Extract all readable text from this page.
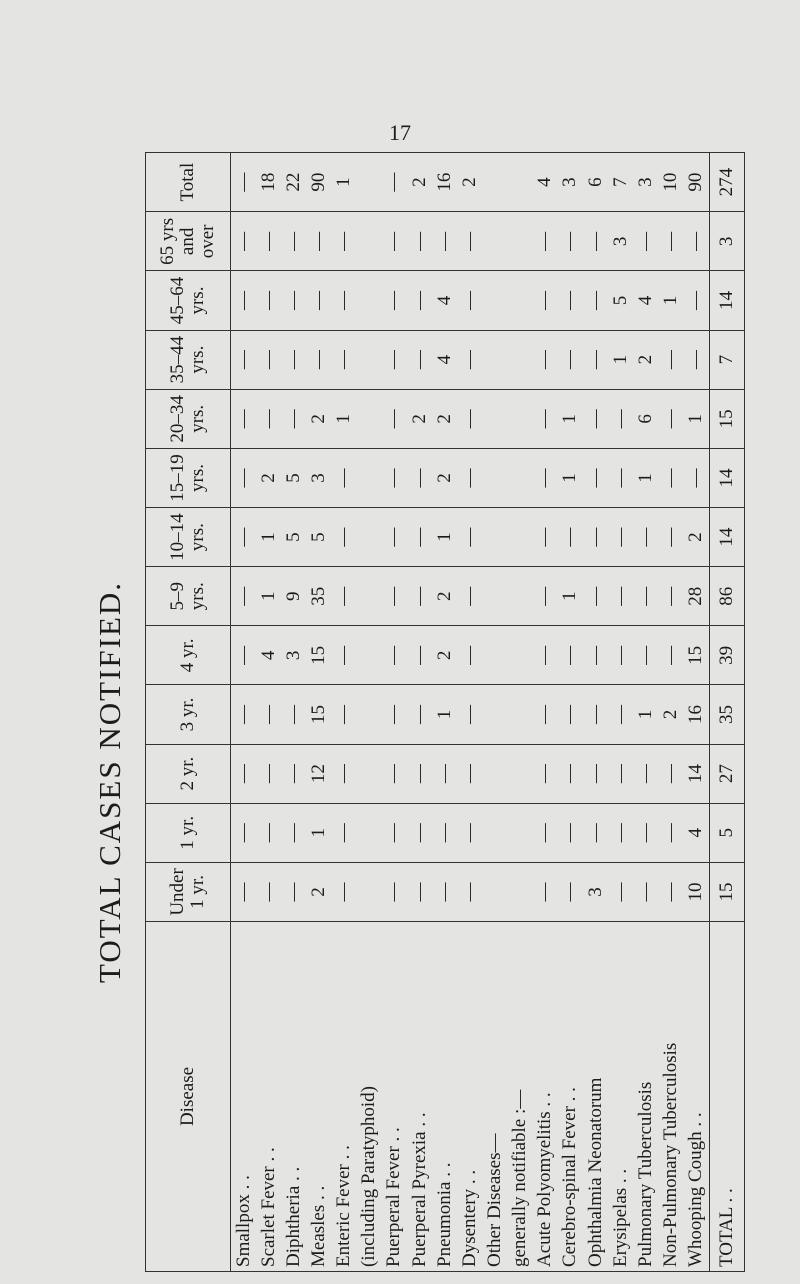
17
TOTAL CASES NOTIFIED.
Disease	Under 1 yr.	1 yr.	2 yr.	3 yr.	4 yr.	5–9 yrs.	10–14 yrs.	15–19 yrs.	20–34 yrs.	35–44 yrs.	45–64 yrs.	65 yrs and over	Total
Smallpox . .	—	—	—	—	—	—	—	—	—	—	—	—	—
Scarlet Fever . .	—	—	—	—	4	1	1	2	—	—	—	—	18
Diphtheria . .	—	—	—	—	3	9	5	5	—	—	—	—	22
Measles . .	2	1	12	15	15	35	5	3	2	—	—	—	90
Enteric Fever . .	—	—	—	—	—	—	—	—	1	—	—	—	1
(including Paratyphoid)													
Puerperal Fever . .	—	—	—	—	—	—	—	—	—	—	—	—	—
Puerperal Pyrexia . .	—	—	—	—	—	—	—	—	2	—	—	—	2
Pneumonia . .	—	—	—	1	2	2	1	2	2	4	4	—	16
Dysentery . .	—	—	—	—	—	—	—	—	—	—	—	—	2
Other Diseases—													
generally notifiable :—													
Acute Polyomyelitis . .	—	—	—	—	—	—	—	—	—	—	—	—	4
Cerebro-spinal Fever . .	—	—	—	—	—	1	—	1	1	—	—	—	3
Ophthalmia Neonatorum	3	—	—	—	—	—	—	—	—	—	—	—	6
Erysipelas . .	—	—	—	—	—	—	—	—	—	1	5	3	7
Pulmonary Tuberculosis	—	—	—	1	—	—	—	1	6	2	4	—	3
Non-Pulmonary Tuberculosis	—	—	—	2	—	—	—	—	—	—	1	—	10
Whooping Cough . .	10	4	14	16	15	28	2	—	1	—	—	—	90
TOTAL . .	15	5	27	35	39	86	14	14	15	7	14	3	274
